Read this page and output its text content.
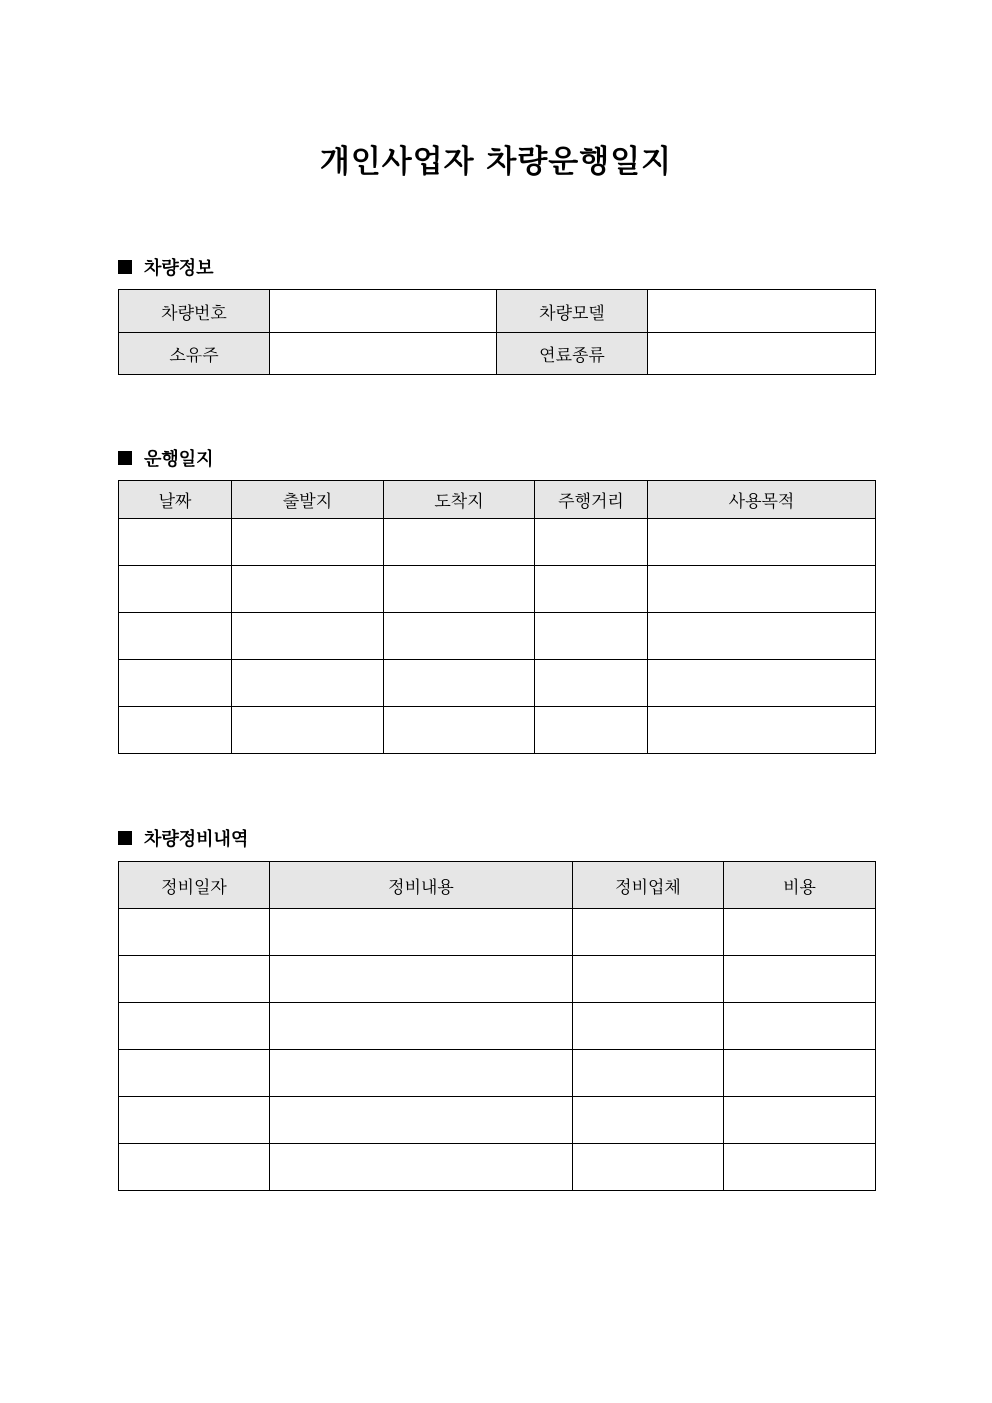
개인사업자 차량운행일지
차량정보
차량번호		차량모델	
소유주		연료종류	
운행일지
날짜	출발지	도착지	주행거리	사용목적

차량정비내역
정비일자	정비내용	정비업체	비용
